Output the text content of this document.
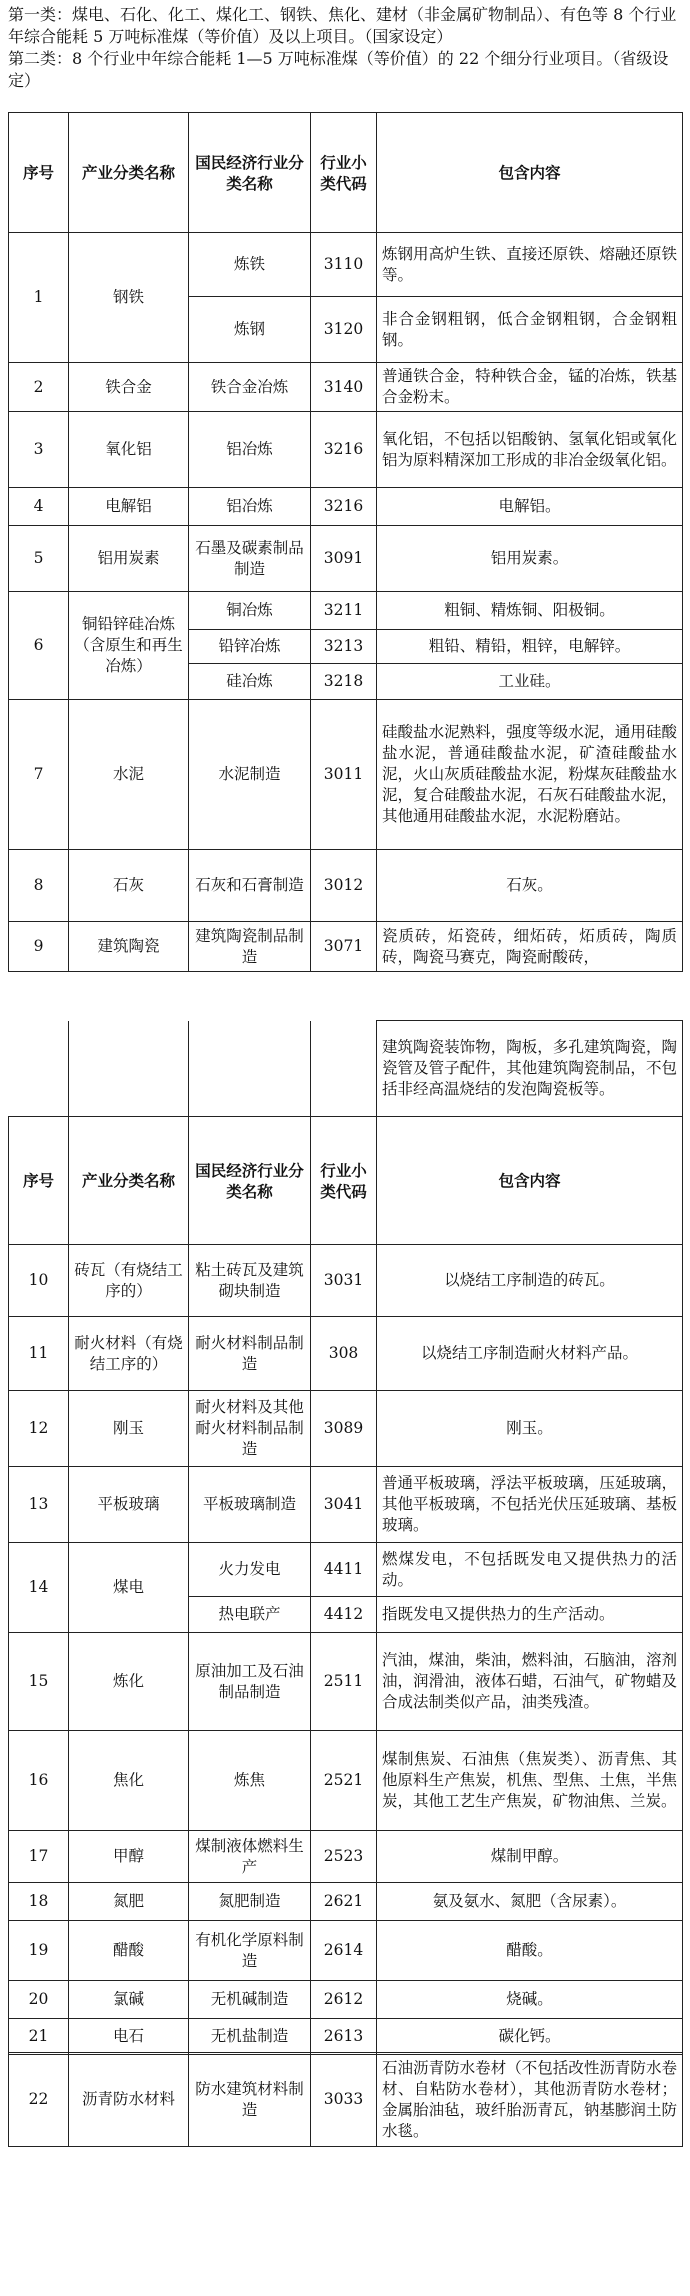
第一类：煤电、石化、化工、煤化工、钢铁、焦化、建材（非金属矿物制品）、有色等 8 个行业年综合能耗 5 万吨标准煤（等价值）及以上项目。（国家设定）

第二类：8 个行业中年综合能耗 1—5 万吨标准煤（等价值）的 22 个细分行业项目。（省级设定）

序号	产业分类名称	国民经济行业分类名称	行业小类代码	包含内容
1	钢铁	炼铁	3110	炼钢用高炉生铁、直接还原铁、熔融还原铁等。
		炼钢	3120	非合金钢粗钢，低合金钢粗钢，合金钢粗钢。
2	铁合金	铁合金冶炼	3140	普通铁合金，特种铁合金，锰的冶炼，铁基合金粉末。
3	氧化铝	铝冶炼	3216	氧化铝，不包括以铝酸钠、氢氧化铝或氧化铝为原料精深加工形成的非冶金级氧化铝。
4	电解铝	铝冶炼	3216	电解铝。
5	铝用炭素	石墨及碳素制品制造	3091	铝用炭素。
6	铜铅锌硅冶炼（含原生和再生冶炼）	铜冶炼	3211	粗铜、精炼铜、阳极铜。
		铅锌冶炼	3213	粗铅、精铅，粗锌，电解锌。
		硅冶炼	3218	工业硅。
7	水泥	水泥制造	3011	硅酸盐水泥熟料，强度等级水泥，通用硅酸盐水泥，普通硅酸盐水泥，矿渣硅酸盐水泥，火山灰质硅酸盐水泥，粉煤灰硅酸盐水泥，复合硅酸盐水泥，石灰石硅酸盐水泥，其他通用硅酸盐水泥，水泥粉磨站。
8	石灰	石灰和石膏制造	3012	石灰。
9	建筑陶瓷	建筑陶瓷制品制造	3071	瓷质砖，炻瓷砖，细炻砖，炻质砖，陶质砖，陶瓷马赛克，陶瓷耐酸砖，
				建筑陶瓷装饰物，陶板，多孔建筑陶瓷，陶瓷管及管子配件，其他建筑陶瓷制品，不包括非经高温烧结的发泡陶瓷板等。
序号	产业分类名称	国民经济行业分类名称	行业小类代码	包含内容
10	砖瓦（有烧结工序的）	粘土砖瓦及建筑砌块制造	3031	以烧结工序制造的砖瓦。
11	耐火材料（有烧结工序的）	耐火材料制品制造	308	以烧结工序制造耐火材料产品。
12	刚玉	耐火材料及其他耐火材料制品制造	3089	刚玉。
13	平板玻璃	平板玻璃制造	3041	普通平板玻璃，浮法平板玻璃，压延玻璃，其他平板玻璃，不包括光伏压延玻璃、基板玻璃。
14	煤电	火力发电	4411	燃煤发电，不包括既发电又提供热力的活动。
		热电联产	4412	指既发电又提供热力的生产活动。
15	炼化	原油加工及石油制品制造	2511	汽油，煤油，柴油，燃料油，石脑油，溶剂油，润滑油，液体石蜡，石油气，矿物蜡及合成法制类似产品，油类残渣。
16	焦化	炼焦	2521	煤制焦炭、石油焦（焦炭类）、沥青焦、其他原料生产焦炭，机焦、型焦、土焦，半焦炭，其他工艺生产焦炭，矿物油焦、兰炭。
17	甲醇	煤制液体燃料生产	2523	煤制甲醇。
18	氮肥	氮肥制造	2621	氨及氨水、氮肥（含尿素）。
19	醋酸	有机化学原料制造	2614	醋酸。
20	氯碱	无机碱制造	2612	烧碱。
21	电石	无机盐制造	2613	碳化钙。
22	沥青防水材料	防水建筑材料制造	3033	石油沥青防水卷材（不包括改性沥青防水卷材、自粘防水卷材），其他沥青防水卷材；金属胎油毡，玻纤胎沥青瓦，钠基膨润土防水毯。
